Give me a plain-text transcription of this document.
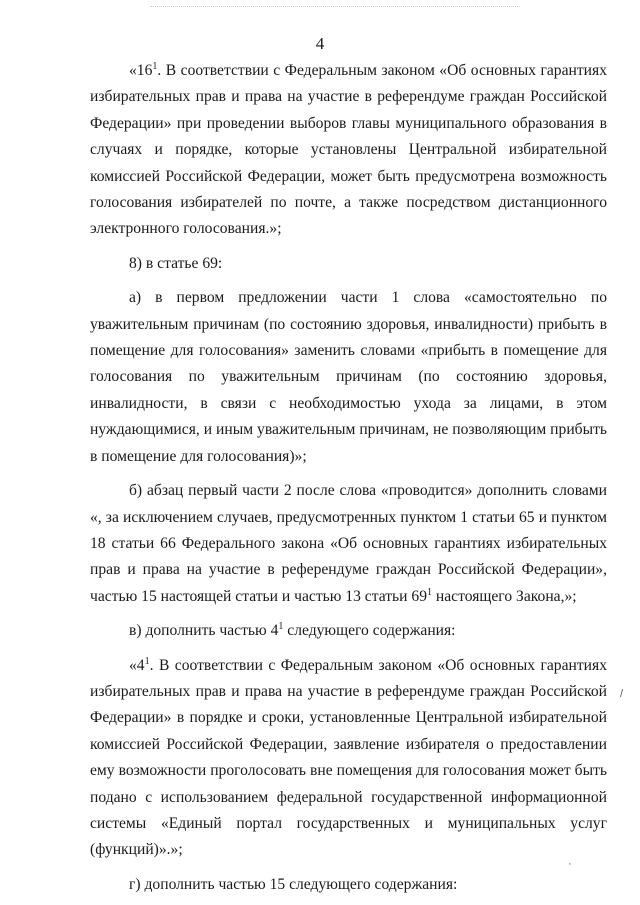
4

«$16^1$. В соответствии с Федеральным законом «Об основных гарантиях избирательных прав и права на участие в референдуме граждан Российской Федерации» при проведении выборов главы муниципального образования в случаях и порядке, которые установлены Центральной избирательной комиссией Российской Федерации, может быть предусмотрена возможность голосования избирателей по почте, а также посредством дистанционного электронного голосования.»;

8) в статье 69:

а) в первом предложении части 1 слова «самостоятельно по уважительным причинам (по состоянию здоровья, инвалидности) прибыть в помещение для голосования» заменить словами «прибыть в помещение для голосования по уважительным причинам (по состоянию здоровья, инвалидности, в связи с необходимостью ухода за лицами, в этом нуждающимися, и иным уважительным причинам, не позволяющим прибыть в помещение для голосования)»;

б) абзац первый части 2 после слова «проводится» дополнить словами «, за исключением случаев, предусмотренных пунктом 1 статьи 65 и пунктом 18 статьи 66 Федерального закона «Об основных гарантиях избирательных прав и права на участие в референдуме граждан Российской Федерации», частью 15 настоящей статьи и частью 13 статьи $69^1$ настоящего Закона,»;

в) дополнить частью $4^1$ следующего содержания:

«$4^1$. В соответствии с Федеральным законом «Об основных гарантиях избирательных прав и права на участие в референдуме граждан Российской Федерации» в порядке и сроки, установленные Центральной избирательной комиссией Российской Федерации, заявление избирателя о предоставлении ему возможности проголосовать вне помещения для голосования может быть подано с использованием федеральной государственной информационной системы «Единый портал государственных и муниципальных услуг (функций)».»;

г) дополнить частью 15 следующего содержания:

/
·
